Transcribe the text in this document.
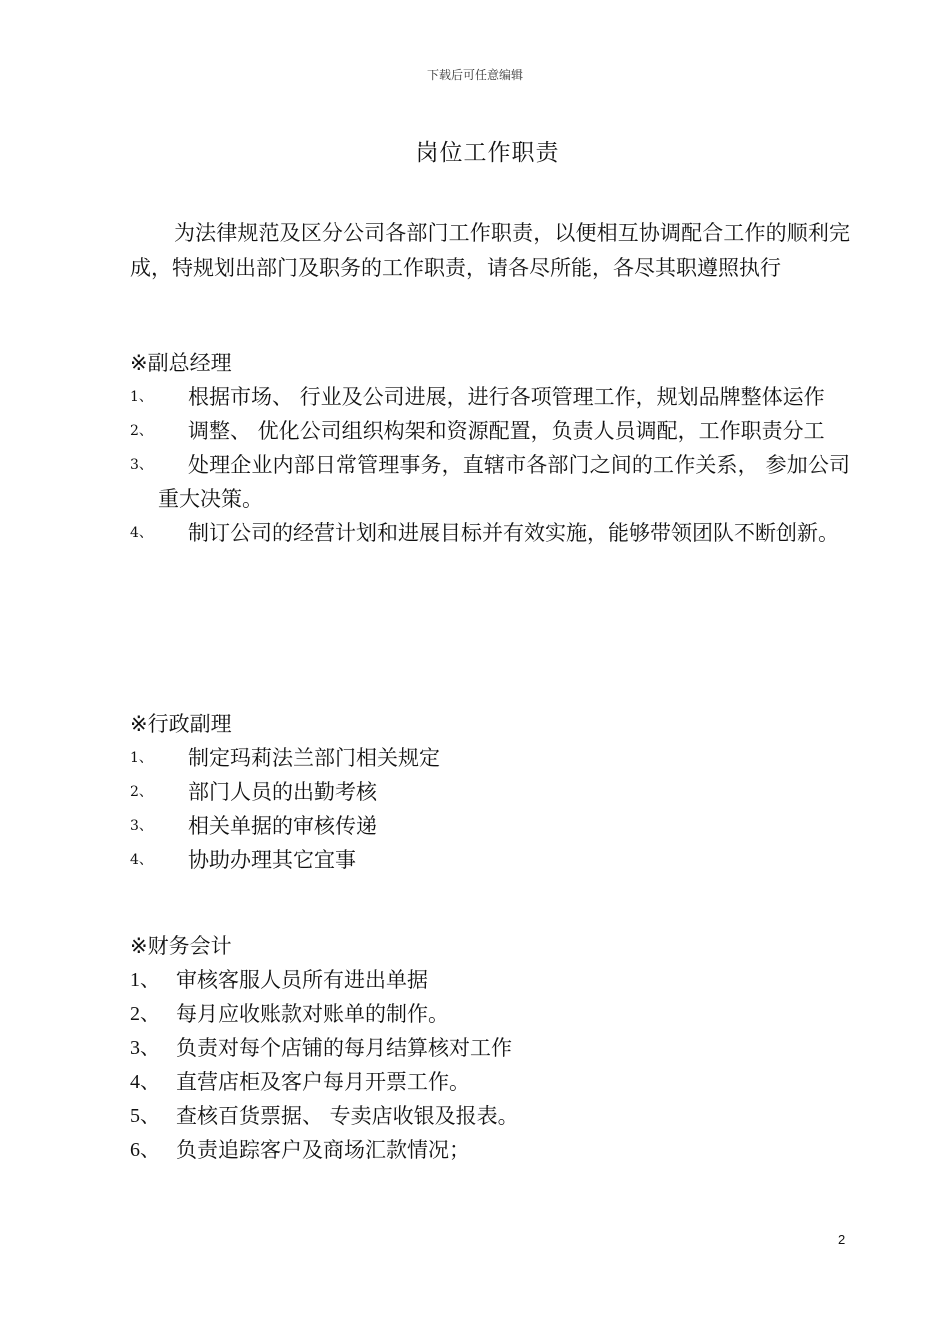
下载后可任意编辑
岗位工作职责
为法律规范及区分公司各部门工作职责，以便相互协调配合工作的顺利完成，特规划出部门及职务的工作职责，请各尽所能，各尽其职遵照执行
※副总经理
1、	根据市场、 行业及公司进展，进行各项管理工作，规划品牌整体运作
2、	调整、 优化公司组织构架和资源配置，负责人员调配，工作职责分工
3、	处理企业内部日常管理事务，直辖市各部门之间的工作关系， 参加公司重大决策。
4、	制订公司的经营计划和进展目标并有效实施，能够带领团队不断创新。
※行政副理
1、	制定玛莉法兰部门相关规定
2、	部门人员的出勤考核
3、	相关单据的审核传递
4、	协助办理其它宜事
※财务会计
1、 审核客服人员所有进出单据
2、 每月应收账款对账单的制作。
3、 负责对每个店铺的每月结算核对工作
4、 直营店柜及客户每月开票工作。
5、 查核百货票据、 专卖店收银及报表。
6、 负责追踪客户及商场汇款情况；
2
